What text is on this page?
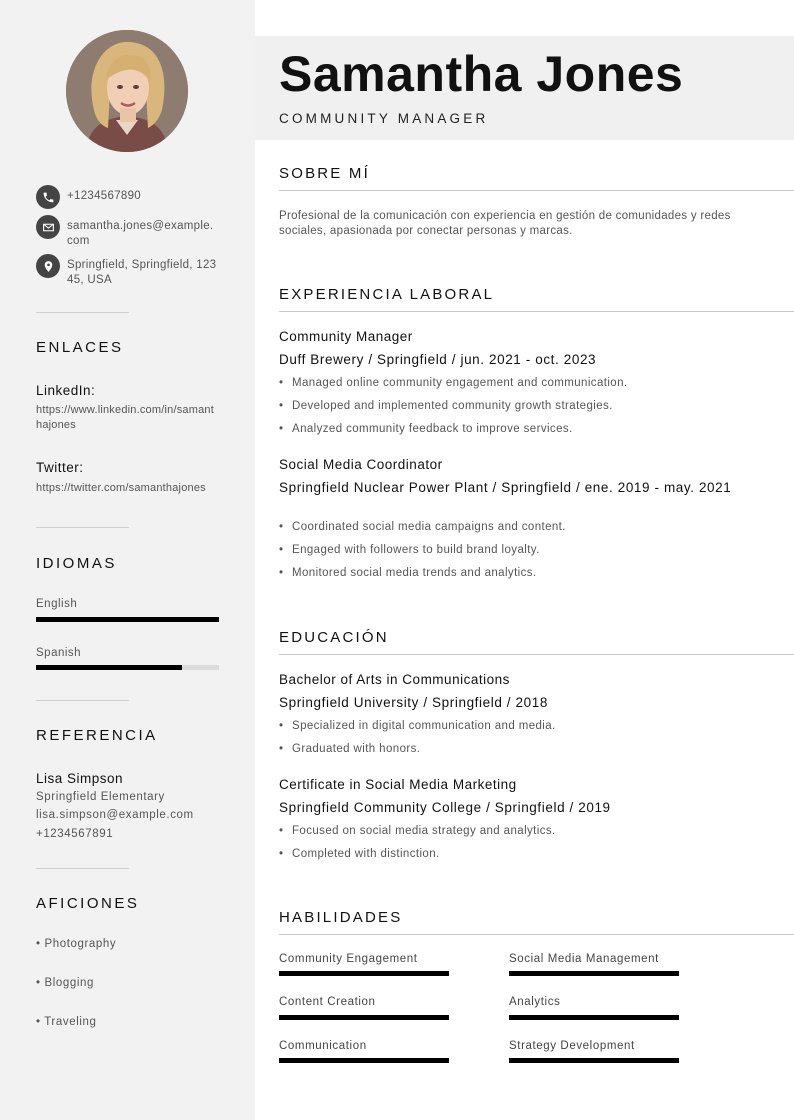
+1234567890
samantha.jones@example.com
Springfield, Springfield, 12345, USA
ENLACES
LinkedIn:
https://www.linkedin.com/in/samanthajones
Twitter:
https://twitter.com/samanthajones
IDIOMAS
English
Spanish
REFERENCIA
Lisa Simpson
Springfield Elementary
lisa.simpson@example.com
+1234567891
AFICIONES
• Photography
• Blogging
• Traveling
Samantha Jones
COMMUNITY MANAGER
SOBRE MÍ
Profesional de la comunicación con experiencia en gestión de comunidades y redes sociales, apasionada por conectar personas y marcas.
EXPERIENCIA LABORAL
Community Manager
Duff Brewery / Springfield / jun. 2021 - oct. 2023
• Managed online community engagement and communication.
• Developed and implemented community growth strategies.
• Analyzed community feedback to improve services.
Social Media Coordinator
Springfield Nuclear Power Plant / Springfield / ene. 2019 - may. 2021
• Coordinated social media campaigns and content.
• Engaged with followers to build brand loyalty.
• Monitored social media trends and analytics.
EDUCACIÓN
Bachelor of Arts in Communications
Springfield University / Springfield / 2018
• Specialized in digital communication and media.
• Graduated with honors.
Certificate in Social Media Marketing
Springfield Community College / Springfield / 2019
• Focused on social media strategy and analytics.
• Completed with distinction.
HABILIDADES
Community Engagement	Social Media Management
Content Creation	Analytics
Communication	Strategy Development
